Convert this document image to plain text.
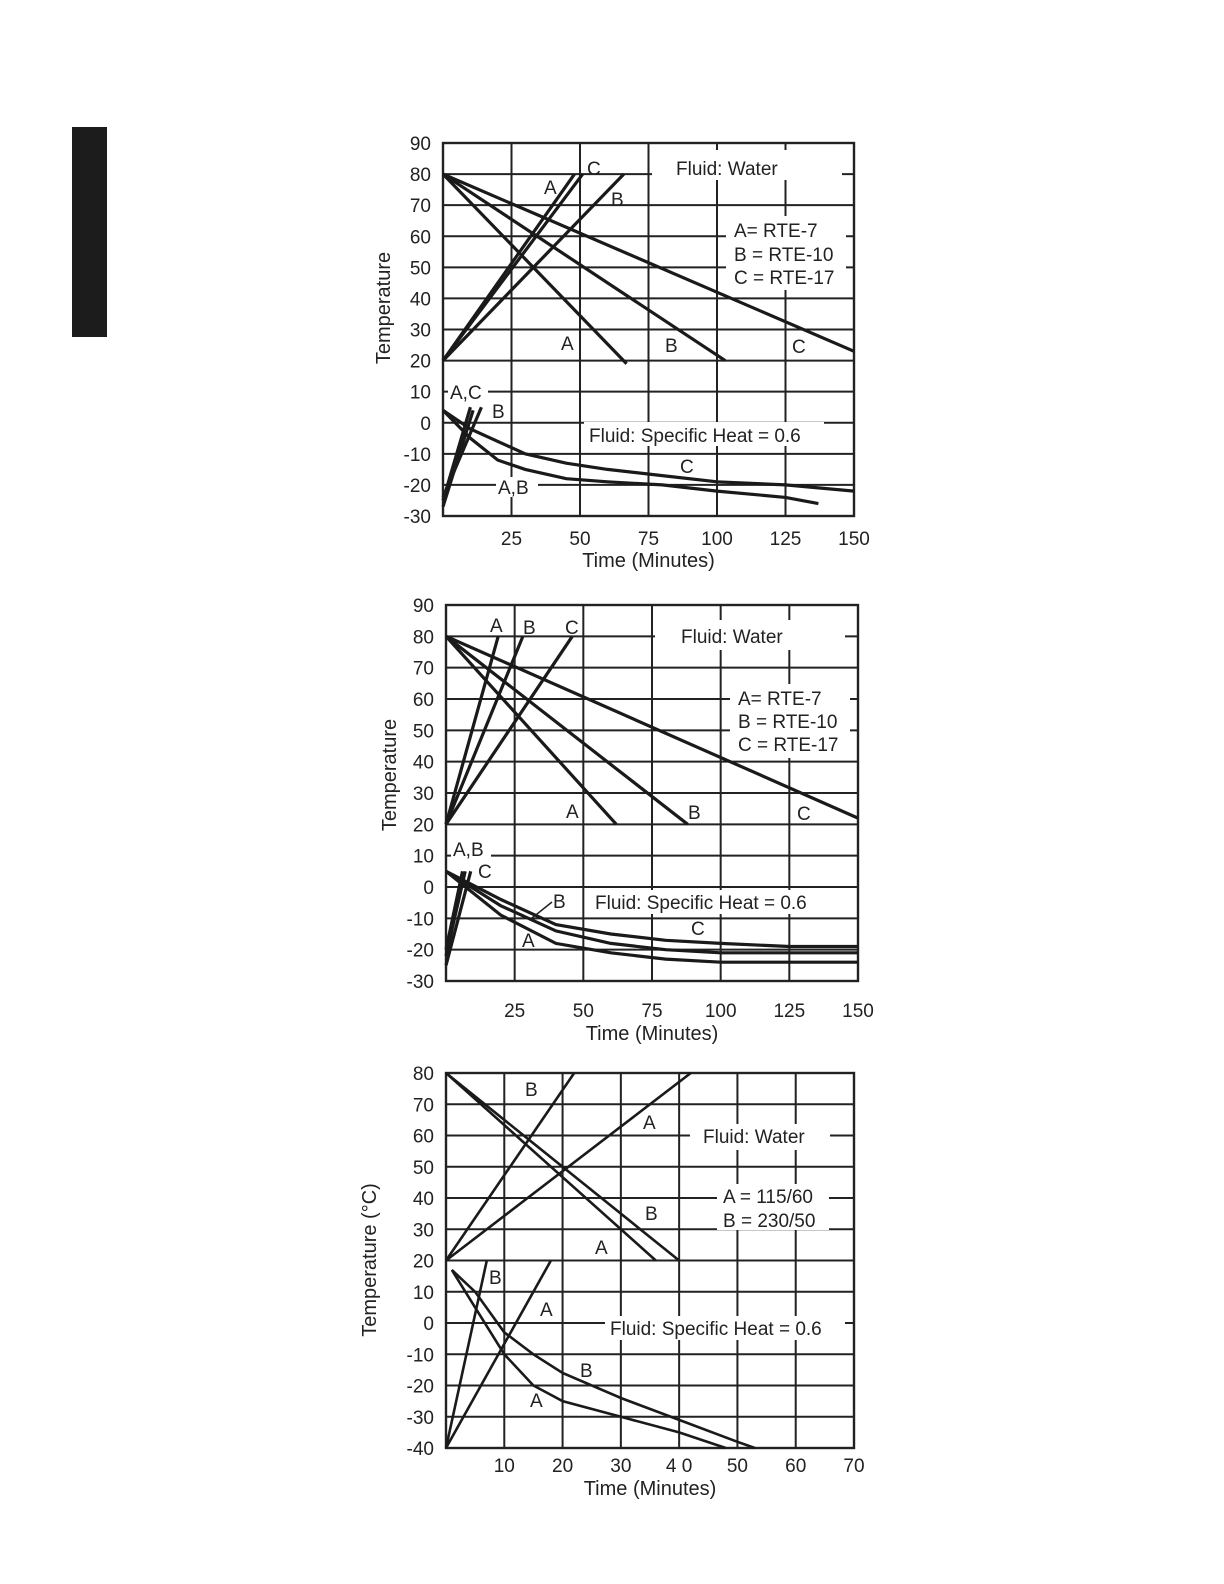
-30
-20
-10
0
10
20
30
40
50
60
70
80
90
25 50 75 100 125 150
Time (Minutes)
Temperature
-30
-20
-10
0
10
20
30
40
50
60
70
80
90
25	50	75 100 125 150
Time (Minutes)
Temperature
-40
-30
-20
-10
0
10
20
30
40
50
60
70
80
10 20 30 4 0 50 60 70
Time (Minutes)
Temperature (°C)
Fluid: Water
A= RTE-7
B = RTE-10
C = RTE-17
Fluid: Specific Heat = 0.6
A
C
B
A	B	C
A,C
B
C
A,B
Fluid: Water
A= RTE-7
B = RTE-10
C = RTE-17
Fluid: Specific Heat = 0.6
A B C
A	B	C
A,B
C
B
C
A
Fluid: Water
A = 115/60
B = 230/50
Fluid: Specific Heat = 0.6
B
A
B
A
B
A
B
A
